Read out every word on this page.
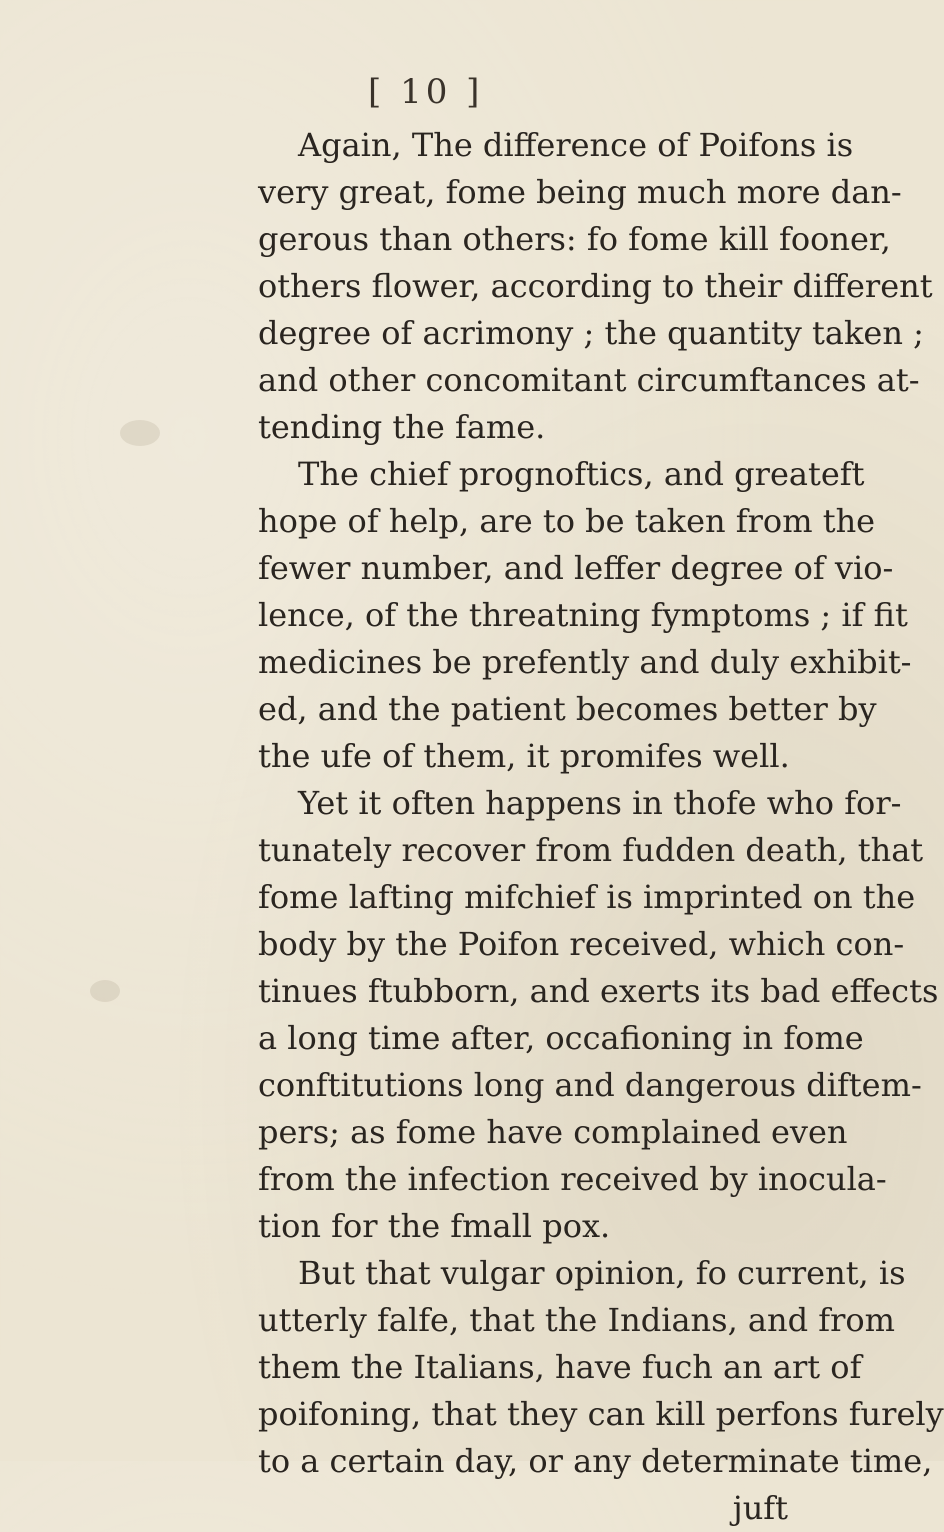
[ 10 ]
Again, The difference of Poifons is
very great, fome being much more dan-
gerous than others: fo fome kill fooner,
others flower, according to their different
degree of acrimony ; the quantity taken ;
and other concomitant circumftances at-
tending the fame.
The chief prognoftics, and greateft
hope of help, are to be taken from the
fewer number, and leffer degree of vio-
lence, of the threatning fymptoms ; if fit
medicines be prefently and duly exhibit-
ed, and the patient becomes better by
the ufe of them, it promifes well.
Yet it often happens in thofe who for-
tunately recover from fudden death, that
fome lafting mifchief is imprinted on the
body by the Poifon received, which con-
tinues ftubborn, and exerts its bad effects
a long time after, occafioning in fome
conftitutions long and dangerous diftem-
pers; as fome have complained even
from the infection received by inocula-
tion for the fmall pox.
But that vulgar opinion, fo current, is
utterly falfe, that the Indians, and from
them the Italians, have fuch an art of
poifoning, that they can kill perfons furely
to a certain day, or any determinate time,
juft
